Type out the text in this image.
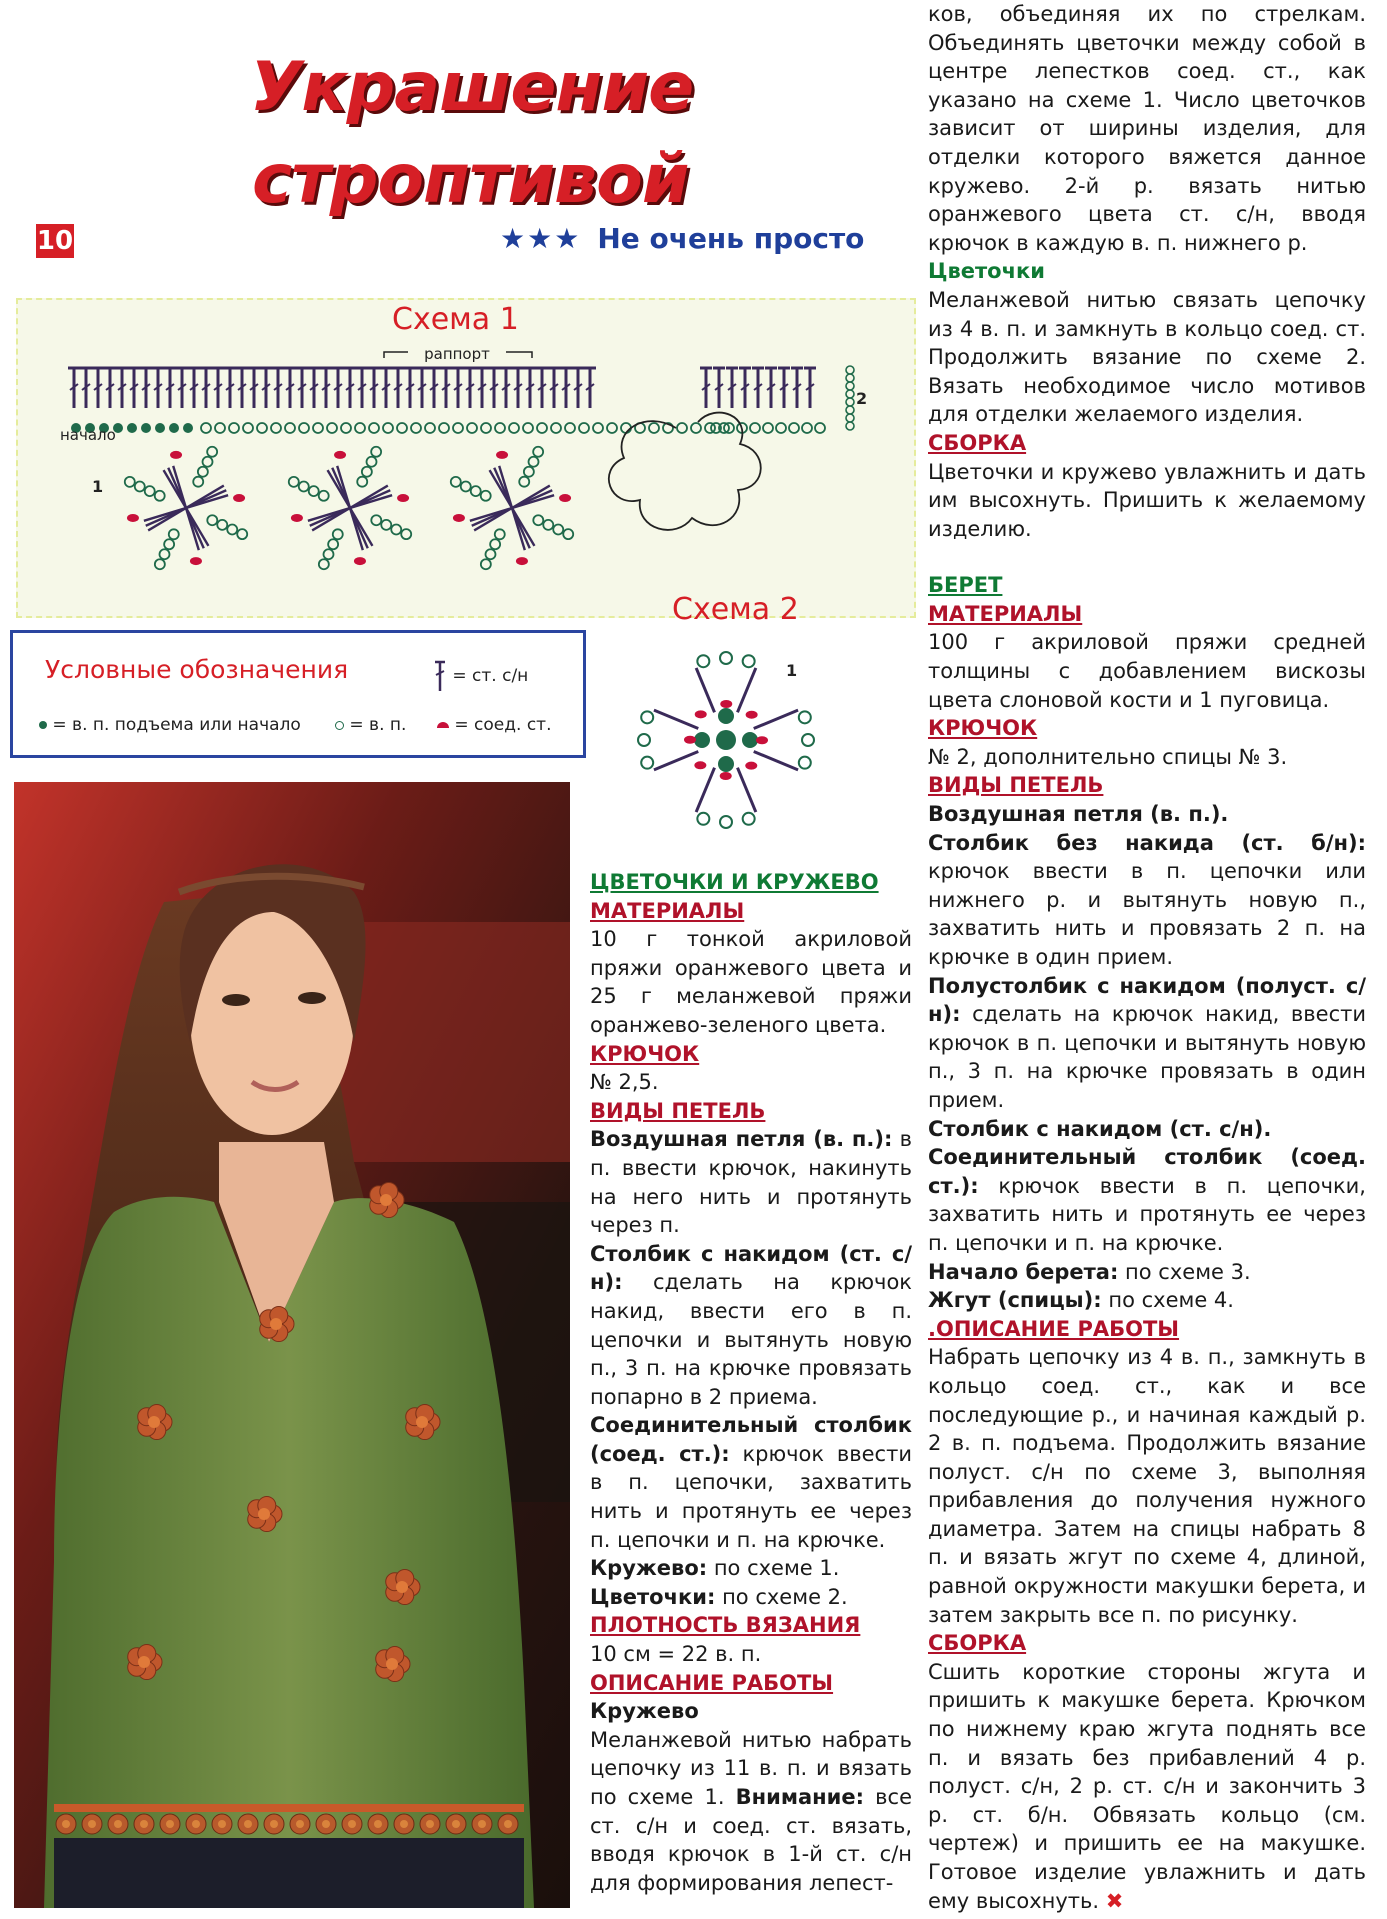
Украшение
строптивой
10	★★★ Не очень просто
Схема 1
раппорт
начало
1
2
Схема 2
1
Условные обозначения	= ст. с/н
= в. п. подъема или начало	= в. п.	= соед. ст.

ЦВЕТОЧКИ И КРУЖЕВО

МАТЕРИАЛЫ

10 г тонкой акриловой пряжи оранжевого цвета и 25 г меланжевой пряжи оранжево-зеленого цвета.

КРЮЧОК

№ 2,5.

ВИДЫ ПЕТЕЛЬ

Воздушная петля (в. п.): в п. ввести крючок, накинуть на него нить и протянуть через п.

Столбик с накидом (ст. с/н): сделать на крючок накид, ввести его в п. цепочки и вытянуть новую п., 3 п. на крючке провязать попарно в 2 приема.

Соединительный столбик (соед. ст.): крючок ввести в п. цепочки, захватить нить и протянуть ее через п. цепочки и п. на крючке.

Кружево: по схеме 1.

Цветочки: по схеме 2.

ПЛОТНОСТЬ ВЯЗАНИЯ

10 см = 22 в. п.

ОПИСАНИЕ РАБОТЫ

Кружево

Меланжевой нитью набрать цепочку из 11 в. п. и вязать по схеме 1. Внимание: все ст. с/н и соед. ст. вязать, вводя крючок в 1-й ст. с/н для формирования лепест-

ков, объединяя их по стрелкам. Объединять цветочки между собой в центре лепестков соед. ст., как указано на схеме 1. Число цветочков зависит от ширины изделия, для отделки которого вяжется данное кружево. 2-й р. вязать нитью оранжевого цвета ст. с/н, вводя крючок в каждую в. п. нижнего р.

Цветочки

Меланжевой нитью связать цепочку из 4 в. п. и замкнуть в кольцо соед. ст. Продолжить вязание по схеме 2. Вязать необходимое число мотивов для отделки желаемого изделия.

СБОРКА

Цветочки и кружево увлажнить и дать им высохнуть. Пришить к желаемому изделию.

БЕРЕТ

МАТЕРИАЛЫ

100 г акриловой пряжи средней толщины с добавлением вискозы цвета слоновой кости и 1 пуговица.

КРЮЧОК

№ 2, дополнительно спицы № 3.

ВИДЫ ПЕТЕЛЬ

Воздушная петля (в. п.).

Столбик без накида (ст. б/н): крючок ввести в п. цепочки или нижнего р. и вытянуть новую п., захватить нить и провязать 2 п. на крючке в один прием.

Полустолбик с накидом (полуст. с/н): сделать на крючок накид, ввести крючок в п. цепочки и вытянуть новую п., 3 п. на крючке провязать в один прием.

Столбик с накидом (ст. с/н).

Соединительный столбик (соед. ст.): крючок ввести в п. цепочки, захватить нить и протянуть ее через п. цепочки и п. на крючке.

Начало берета: по схеме 3.

Жгут (спицы): по схеме 4.

.ОПИСАНИЕ РАБОТЫ

Набрать цепочку из 4 в. п., замкнуть в кольцо соед. ст., как и все последующие р., и начиная каждый р. 2 в. п. подъема. Продолжить вязание полуст. с/н по схеме 3, выполняя прибавления до получения нужного диаметра. Затем на спицы набрать 8 п. и вязать жгут по схеме 4, длиной, равной окружности макушки берета, и затем закрыть все п. по рисунку.

СБОРКА

Сшить короткие стороны жгута и пришить к макушке берета. Крючком по нижнему краю жгута поднять все п. и вязать без прибавлений 4 р. полуст. с/н, 2 р. ст. с/н и закончить 3 р. ст. б/н. Обвязать кольцо (см. чертеж) и пришить ее на макушке. Готовое изделие увлажнить и дать ему высохнуть. ✖
